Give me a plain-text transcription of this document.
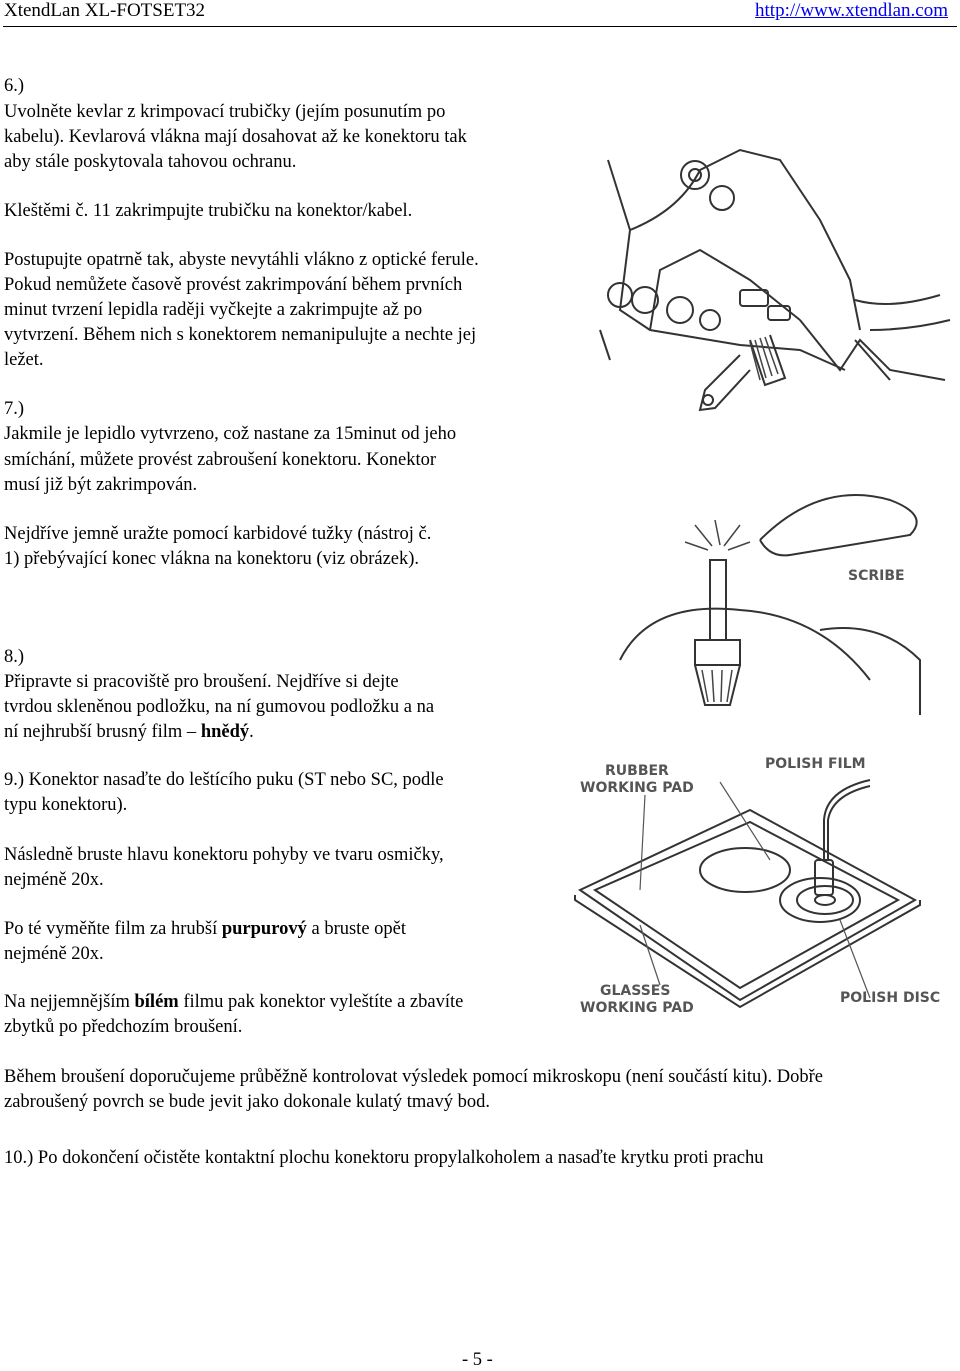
XtendLan XL-FOTSET32	http://www.xtendlan.com

6.)

Uvolněte kevlar z krimpovací trubičky (jejím posunutím po

kabelu). Kevlarová vlákna mají dosahovat až ke konektoru tak

aby stále poskytovala tahovou ochranu.

Kleštěmi č. 11 zakrimpujte trubičku na konektor/kabel.

Postupujte opatrně tak, abyste nevytáhli vlákno z optické ferule.

Pokud nemůžete časově provést zakrimpování během prvních

minut tvrzení lepidla raději vyčkejte a zakrimpujte až po

vytvrzení. Během nich s konektorem nemanipulujte a nechte jej

ležet.

7.)

Jakmile je lepidlo vytvrzeno, což nastane za 15minut od jeho

smíchání, můžete provést zabroušení konektoru. Konektor

musí již být zakrimpován.

Nejdříve jemně uražte pomocí karbidové tužky (nástroj č.

1) přebývající konec vlákna na konektoru (viz obrázek).

8.)

Připravte si pracoviště pro broušení. Nejdříve si dejte

tvrdou skleněnou podložku, na ní gumovou podložku a na

ní nejhrubší brusný film – hnědý.

9.) Konektor nasaďte do leštícího puku (ST nebo SC, podle

typu konektoru).

Následně bruste hlavu konektoru pohyby ve tvaru osmičky,

nejméně 20x.

Po té vyměňte film za hrubší purpurový a bruste opět

nejméně 20x.

Na nejjemnějším bílém filmu pak konektor vyleštíte a zbavíte

zbytků po předchozím broušení.

Během broušení doporučujeme průběžně kontrolovat výsledek pomocí mikroskopu (není součástí kitu). Dobře

zabroušený povrch se bude jevit jako dokonale kulatý tmavý bod.

10.) Po dokončení očistěte kontaktní plochu konektoru propylalkoholem a nasaďte krytku proti prachu

SCRIBE
RUBBER
WORKING PAD
POLISH FILM
GLASSES
WORKING PAD
POLISH DISC
- 5 -
